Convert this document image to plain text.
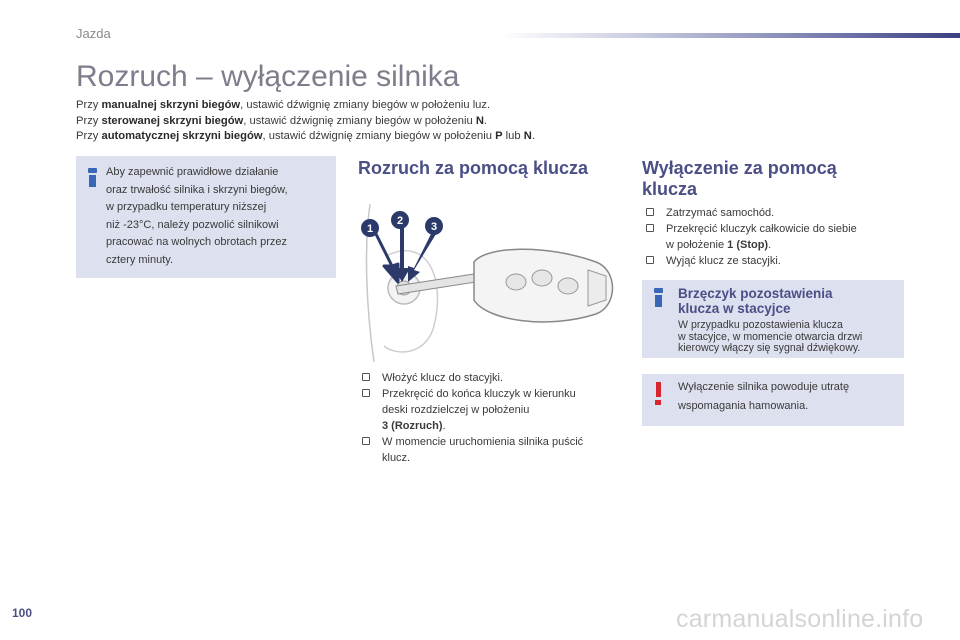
Jazda
Rozruch – wyłączenie silnika
Przy manualnej skrzyni biegów, ustawić dźwignię zmiany biegów w położeniu luz.
Przy sterowanej skrzyni biegów, ustawić dźwignię zmiany biegów w położeniu N.
Przy automatycznej skrzyni biegów, ustawić dźwignię zmiany biegów w położeniu P lub N.
Aby zapewnić prawidłowe działanie
oraz trwałość silnika i skrzyni biegów,
w przypadku temperatury niższej
niż -23°C, należy pozwolić silnikowi
pracować na wolnych obrotach przez
cztery minuty.
Rozruch za pomocą klucza
1
2	3
Włożyć klucz do stacyjki.
Przekręcić do końca kluczyk w kierunku
deski rozdzielczej w położeniu
3 (Rozruch).
W momencie uruchomienia silnika puścić
klucz.
Wyłączenie za pomocą
klucza
Zatrzymać samochód.
Przekręcić kluczyk całkowicie do siebie
w położenie 1 (Stop).
Wyjąć klucz ze stacyjki.
Brzęczyk pozostawienia
klucza w stacyjce
W przypadku pozostawienia klucza
w stacyjce, w momencie otwarcia drzwi
kierowcy włączy się sygnał dźwiękowy.
Wyłączenie silnika powoduje utratę
wspomagania hamowania.
100	carmanualsonline.info
